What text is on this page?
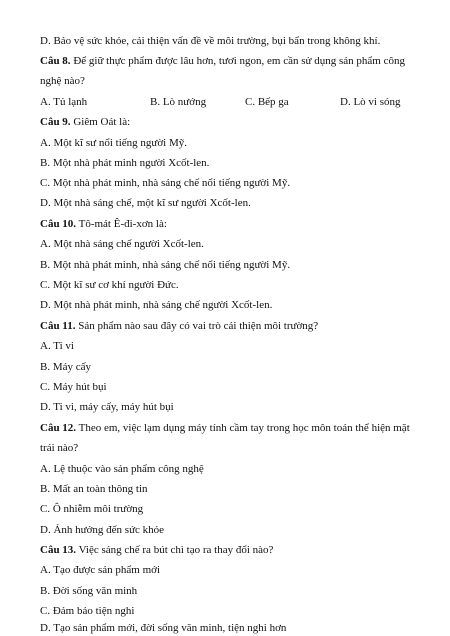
D. Bảo vệ sức khỏe, cải thiện vấn đề về môi trường, bụi bẩn trong không khí.
Câu 8. Để giữ thực phẩm được lâu hơn, tươi ngon, em cần sử dụng sản phẩm công
nghệ nào?
A. Tủ lạnh	B. Lò nướng	C. Bếp ga	D. Lò vi sóng
Câu 9. Giêm Oát là:
A. Một kĩ sư nổi tiếng người Mỹ.
B. Một nhà phát minh người Xcốt-len.
C. Một nhà phát minh, nhà sáng chế nổi tiếng người Mỹ.
D. Một nhà sáng chế, một kĩ sư người Xcốt-len.
Câu 10. Tô-mát Ê-đi-xơn là:
A. Một nhà sáng chế người Xcốt-len.
B. Một nhà phát minh, nhà sáng chế nổi tiếng người Mỹ.
C. Một kĩ sư cơ khí người Đức.
D. Một nhà phát minh, nhà sáng chế người Xcốt-len.
Câu 11. Sản phẩm nào sau đây có vai trò cải thiện môi trường?
A. Ti vi
B. Máy cấy
C. Máy hút bụi
D. Ti vi, máy cấy, máy hút bụi
Câu 12. Theo em, việc lạm dụng máy tính cầm tay trong học môn toán thể hiện mặt
trái nào?
A. Lệ thuộc vào sản phẩm công nghệ
B. Mất an toàn thông tin
C. Ô nhiễm môi trường
D. Ảnh hưởng đến sức khỏe
Câu 13. Việc sáng chế ra bút chì tạo ra thay đổi nào?
A. Tạo được sản phẩm mới
B. Đời sống văn minh
C. Đảm bảo tiện nghi
D. Tạo sản phẩm mới, đời sống văn minh, tiện nghi hơn
